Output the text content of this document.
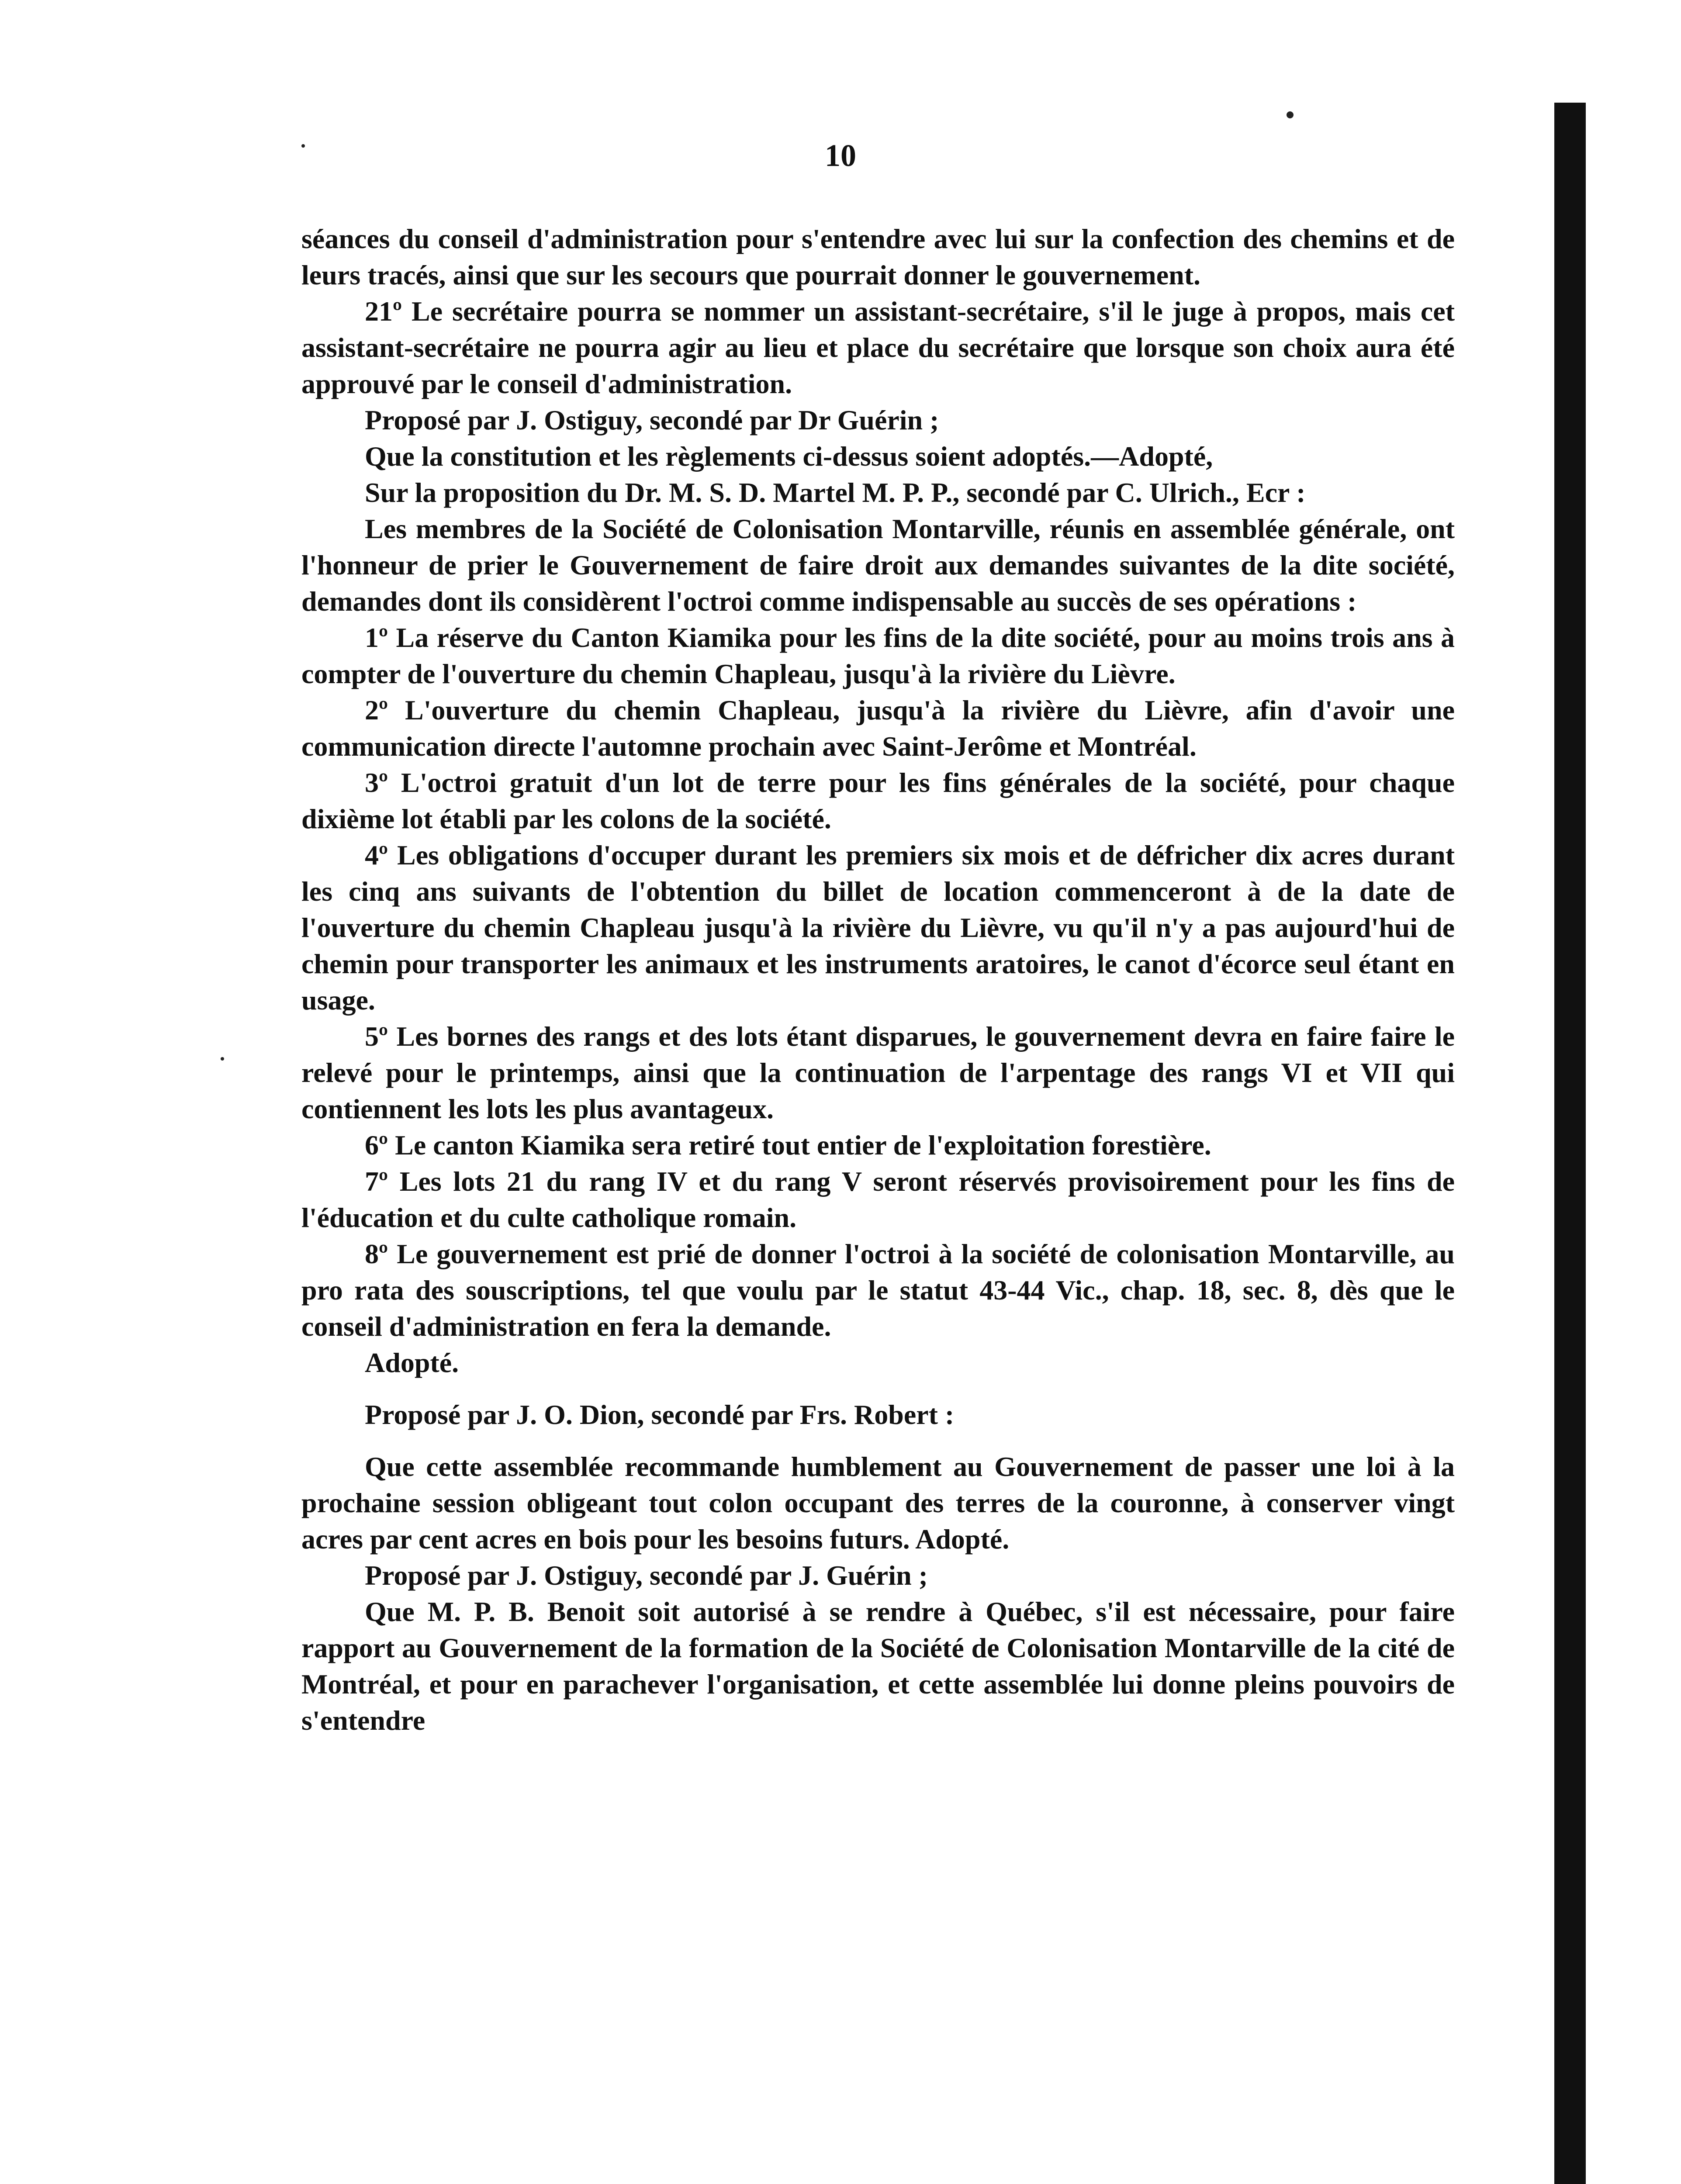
10

séances du conseil d'administration pour s'entendre avec lui sur la confection des chemins et de leurs tracés, ainsi que sur les secours que pourrait donner le gouvernement.

21º Le secrétaire pourra se nommer un assistant-secrétaire, s'il le juge à propos, mais cet assistant-secrétaire ne pourra agir au lieu et place du secrétaire que lorsque son choix aura été approuvé par le conseil d'administration.

Proposé par J. Ostiguy, secondé par Dr Guérin ;

Que la constitution et les règlements ci-dessus soient adoptés.—Adopté,

Sur la proposition du Dr. M. S. D. Martel M. P. P., secondé par C. Ulrich., Ecr :

Les membres de la Société de Colonisation Montarville, réunis en assemblée générale, ont l'honneur de prier le Gouvernement de faire droit aux demandes suivantes de la dite société, demandes dont ils considèrent l'octroi comme indispensable au succès de ses opérations :

1º La réserve du Canton Kiamika pour les fins de la dite société, pour au moins trois ans à compter de l'ouverture du chemin Chapleau, jusqu'à la rivière du Lièvre.

2º L'ouverture du chemin Chapleau, jusqu'à la rivière du Lièvre, afin d'avoir une communication directe l'automne prochain avec Saint-Jerôme et Montréal.

3º L'octroi gratuit d'un lot de terre pour les fins générales de la société, pour chaque dixième lot établi par les colons de la société.

4º Les obligations d'occuper durant les premiers six mois et de défricher dix acres durant les cinq ans suivants de l'obtention du billet de location commenceront à de la date de l'ouverture du chemin Chapleau jusqu'à la rivière du Lièvre, vu qu'il n'y a pas aujourd'hui de chemin pour transporter les animaux et les instruments aratoires, le canot d'écorce seul étant en usage.

5º Les bornes des rangs et des lots étant disparues, le gouvernement devra en faire faire le relevé pour le printemps, ainsi que la continuation de l'arpentage des rangs VI et VII qui contiennent les lots les plus avantageux.

6º Le canton Kiamika sera retiré tout entier de l'exploitation forestière.

7º Les lots 21 du rang IV et du rang V seront réservés provisoirement pour les fins de l'éducation et du culte catholique romain.

8º Le gouvernement est prié de donner l'octroi à la société de colonisation Montarville, au pro rata des souscriptions, tel que voulu par le statut 43-44 Vic., chap. 18, sec. 8, dès que le conseil d'administration en fera la demande.

Adopté.

Proposé par J. O. Dion, secondé par Frs. Robert :

Que cette assemblée recommande humblement au Gouvernement de passer une loi à la prochaine session obligeant tout colon occupant des terres de la couronne, à conserver vingt acres par cent acres en bois pour les besoins futurs. Adopté.

Proposé par J. Ostiguy, secondé par J. Guérin ;

Que M. P. B. Benoit soit autorisé à se rendre à Québec, s'il est nécessaire, pour faire rapport au Gouvernement de la formation de la Société de Colonisation Montarville de la cité de Montréal, et pour en parachever l'organisation, et cette assemblée lui donne pleins pouvoirs de s'entendre
